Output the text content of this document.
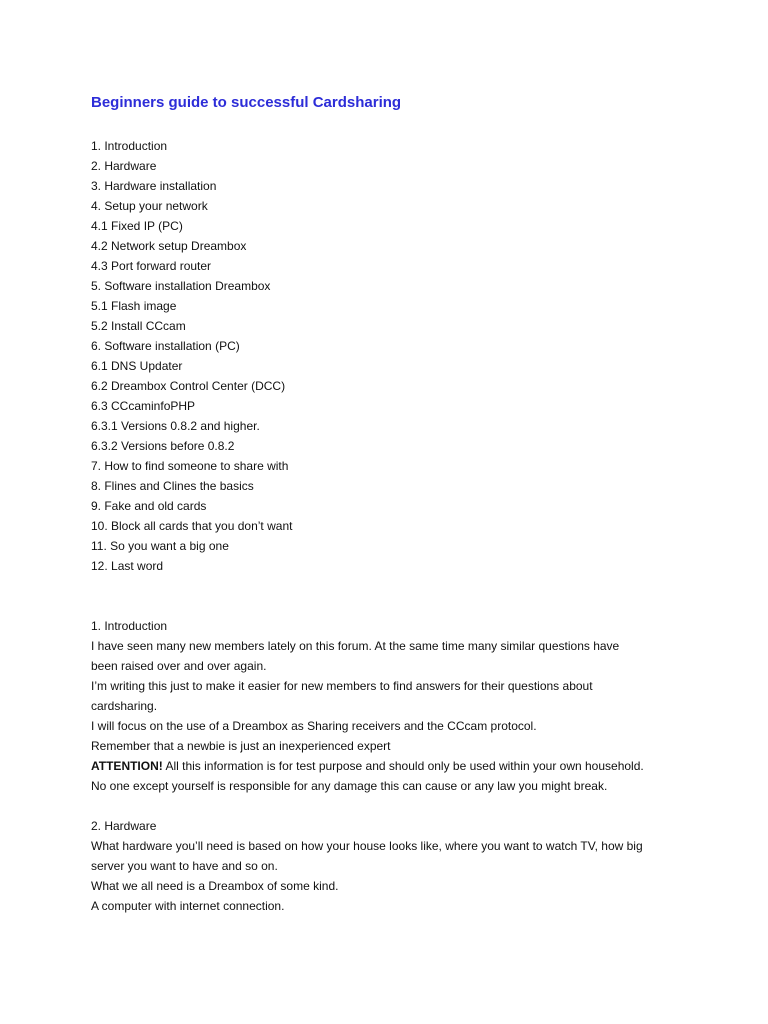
Beginners guide to successful Cardsharing
1. Introduction
2. Hardware
3. Hardware installation
4. Setup your network
4.1 Fixed IP (PC)
4.2 Network setup Dreambox
4.3 Port forward router
5. Software installation Dreambox
5.1 Flash image
5.2 Install CCcam
6. Software installation (PC)
6.1 DNS Updater
6.2 Dreambox Control Center (DCC)
6.3 CCcaminfoPHP
6.3.1 Versions 0.8.2 and higher.
6.3.2 Versions before 0.8.2
7. How to find someone to share with
8. Flines and Clines the basics
9. Fake and old cards
10. Block all cards that you don’t want
11. So you want a big one
12. Last word

1. Introduction

I have seen many new members lately on this forum. At the same time many similar questions have
been raised over and over again.

I’m writing this just to make it easier for new members to find answers for their questions about
cardsharing.

I will focus on the use of a Dreambox as Sharing receivers and the CCcam protocol.

Remember that a newbie is just an inexperienced expert

ATTENTION! All this information is for test purpose and should only be used within your own household.

No one except yourself is responsible for any damage this can cause or any law you might break.

2. Hardware

What hardware you’ll need is based on how your house looks like, where you want to watch TV, how big
server you want to have and so on.

What we all need is a Dreambox of some kind.

A computer with internet connection.
